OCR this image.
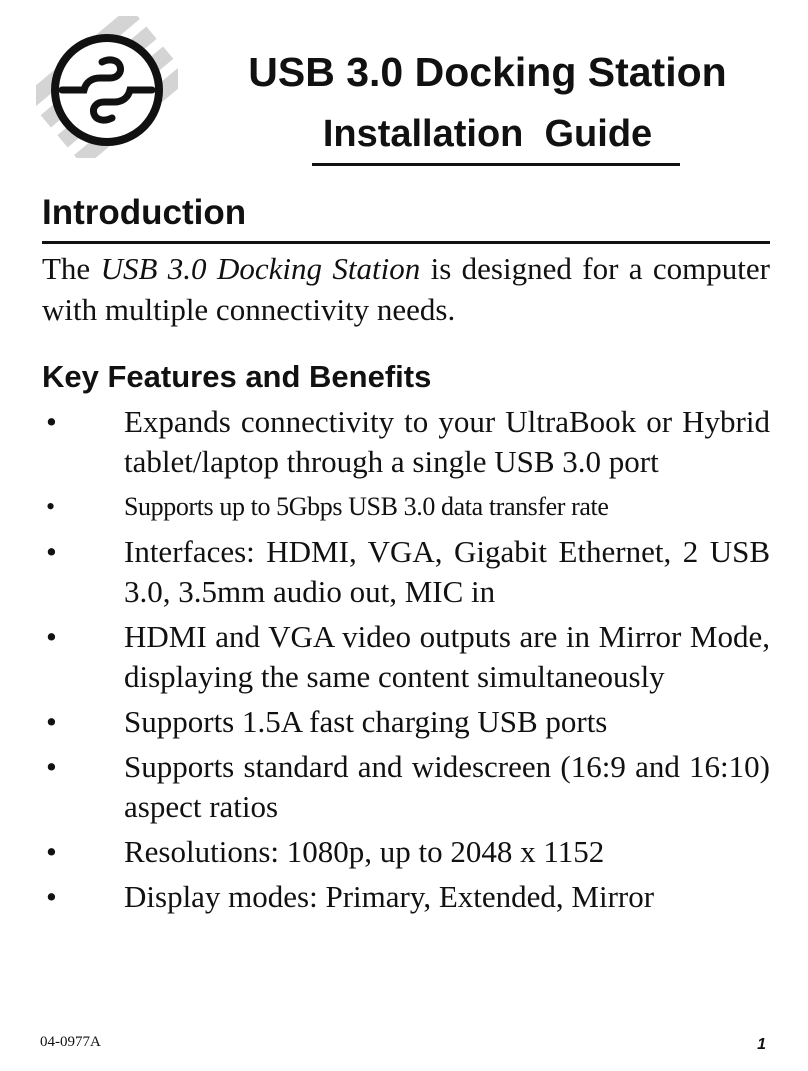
USB 3.0 Docking Station
Installation  Guide
Introduction

The USB 3.0 Docking Station is designed for a computer with multiple connectivity needs.

Key Features and Benefits
• Expands connectivity to your UltraBook or Hybrid tablet/laptop through a single USB 3.0 port
•	Supports up to 5Gbps USB 3.0 data transfer rate
• Interfaces: HDMI, VGA, Gigabit Ethernet, 2 USB 3.0, 3.5mm audio out, MIC in
• HDMI and VGA video outputs are in Mirror Mode, displaying the same content simultaneously
• Supports 1.5A fast charging USB ports
• Supports standard and widescreen (16:9 and 16:10) aspect ratios
• Resolutions: 1080p, up to 2048 x 1152
• Display modes: Primary, Extended, Mirror
04-0977A	1
